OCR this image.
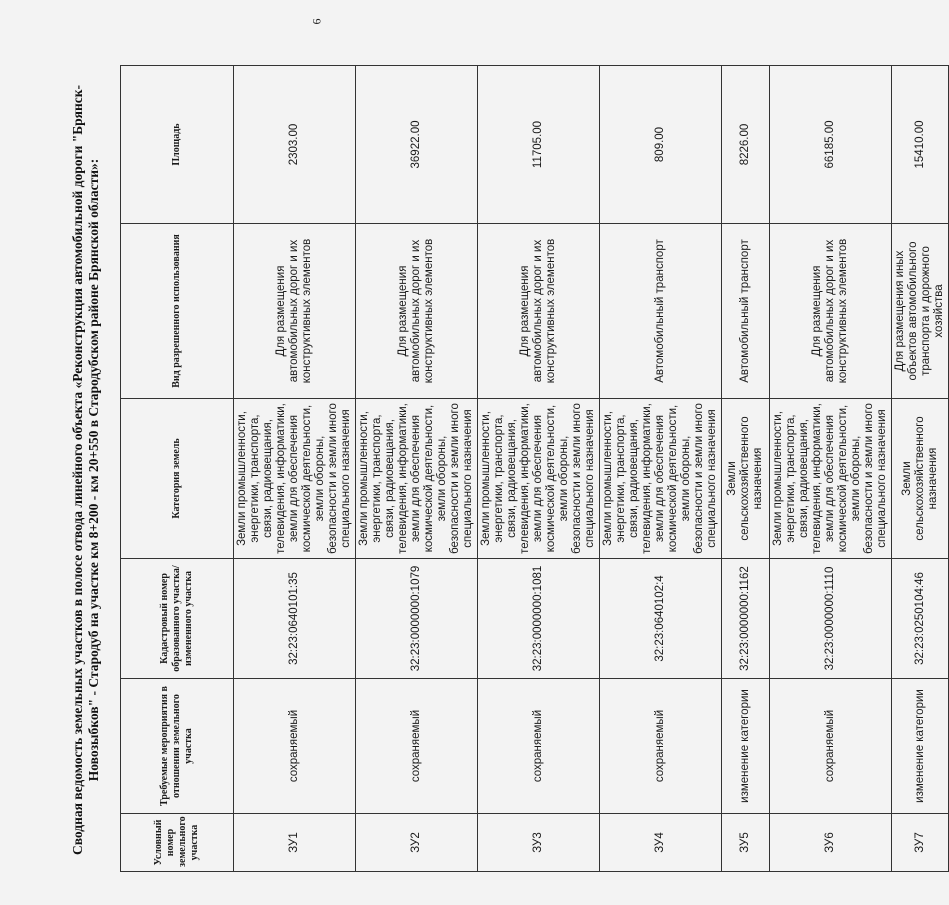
6
Сводная ведомость земельных участков в полосе отвода линейного объекта «Реконструкция автомобильной дороги "Брянск-Новозыбков" - Стародуб на участке км 8+200 - км 20+550 в Стародубском районе Брянской области»:
Условный номер земельного участка	Требуемые мероприятия в отношении земельного участка	Кадастровый номер образованного участка/измененного участка	Категория земель	Вид разрешенного использования	Площадь
ЗУ1	сохраняемый	32:23:0640101:35	Земли промышленности, энергетики, транспорта, связи, радиовещания, телевидения, информатики, земли для обеспечения космической деятельности, земли обороны, безопасности и земли иного специального назначения	Для размещения автомобильных дорог и их конструктивных элементов	2303.00
ЗУ2	сохраняемый	32:23:0000000:1079	Земли промышленности, энергетики, транспорта, связи, радиовещания, телевидения, информатики, земли для обеспечения космической деятельности, земли обороны, безопасности и земли иного специального назначения	Для размещения автомобильных дорог и их конструктивных элементов	36922.00
ЗУ3	сохраняемый	32:23:0000000:1081	Земли промышленности, энергетики, транспорта, связи, радиовещания, телевидения, информатики, земли для обеспечения космической деятельности, земли обороны, безопасности и земли иного специального назначения	Для размещения автомобильных дорог и их конструктивных элементов	11705.00
ЗУ4	сохраняемый	32:23:0640102:4	Земли промышленности, энергетики, транспорта, связи, радиовещания, телевидения, информатики, земли для обеспечения космической деятельности, земли обороны, безопасности и земли иного специального назначения	Автомобильный транспорт	809.00
ЗУ5	изменение категории	32:23:0000000:1162	Земли сельскохозяйственного назначения	Автомобильный транспорт	8226.00
ЗУ6	сохраняемый	32:23:0000000:1110	Земли промышленности, энергетики, транспорта, связи, радиовещания, телевидения, информатики, земли для обеспечения космической деятельности, земли обороны, безопасности и земли иного специального назначения	Для размещения автомобильных дорог и их конструктивных элементов	66185.00
ЗУ7	изменение категории	32:23:0250104:46	Земли сельскохозяйственного назначения	Для размещения иных объектов автомобильного транспорта и дорожного хозяйства	15410.00
